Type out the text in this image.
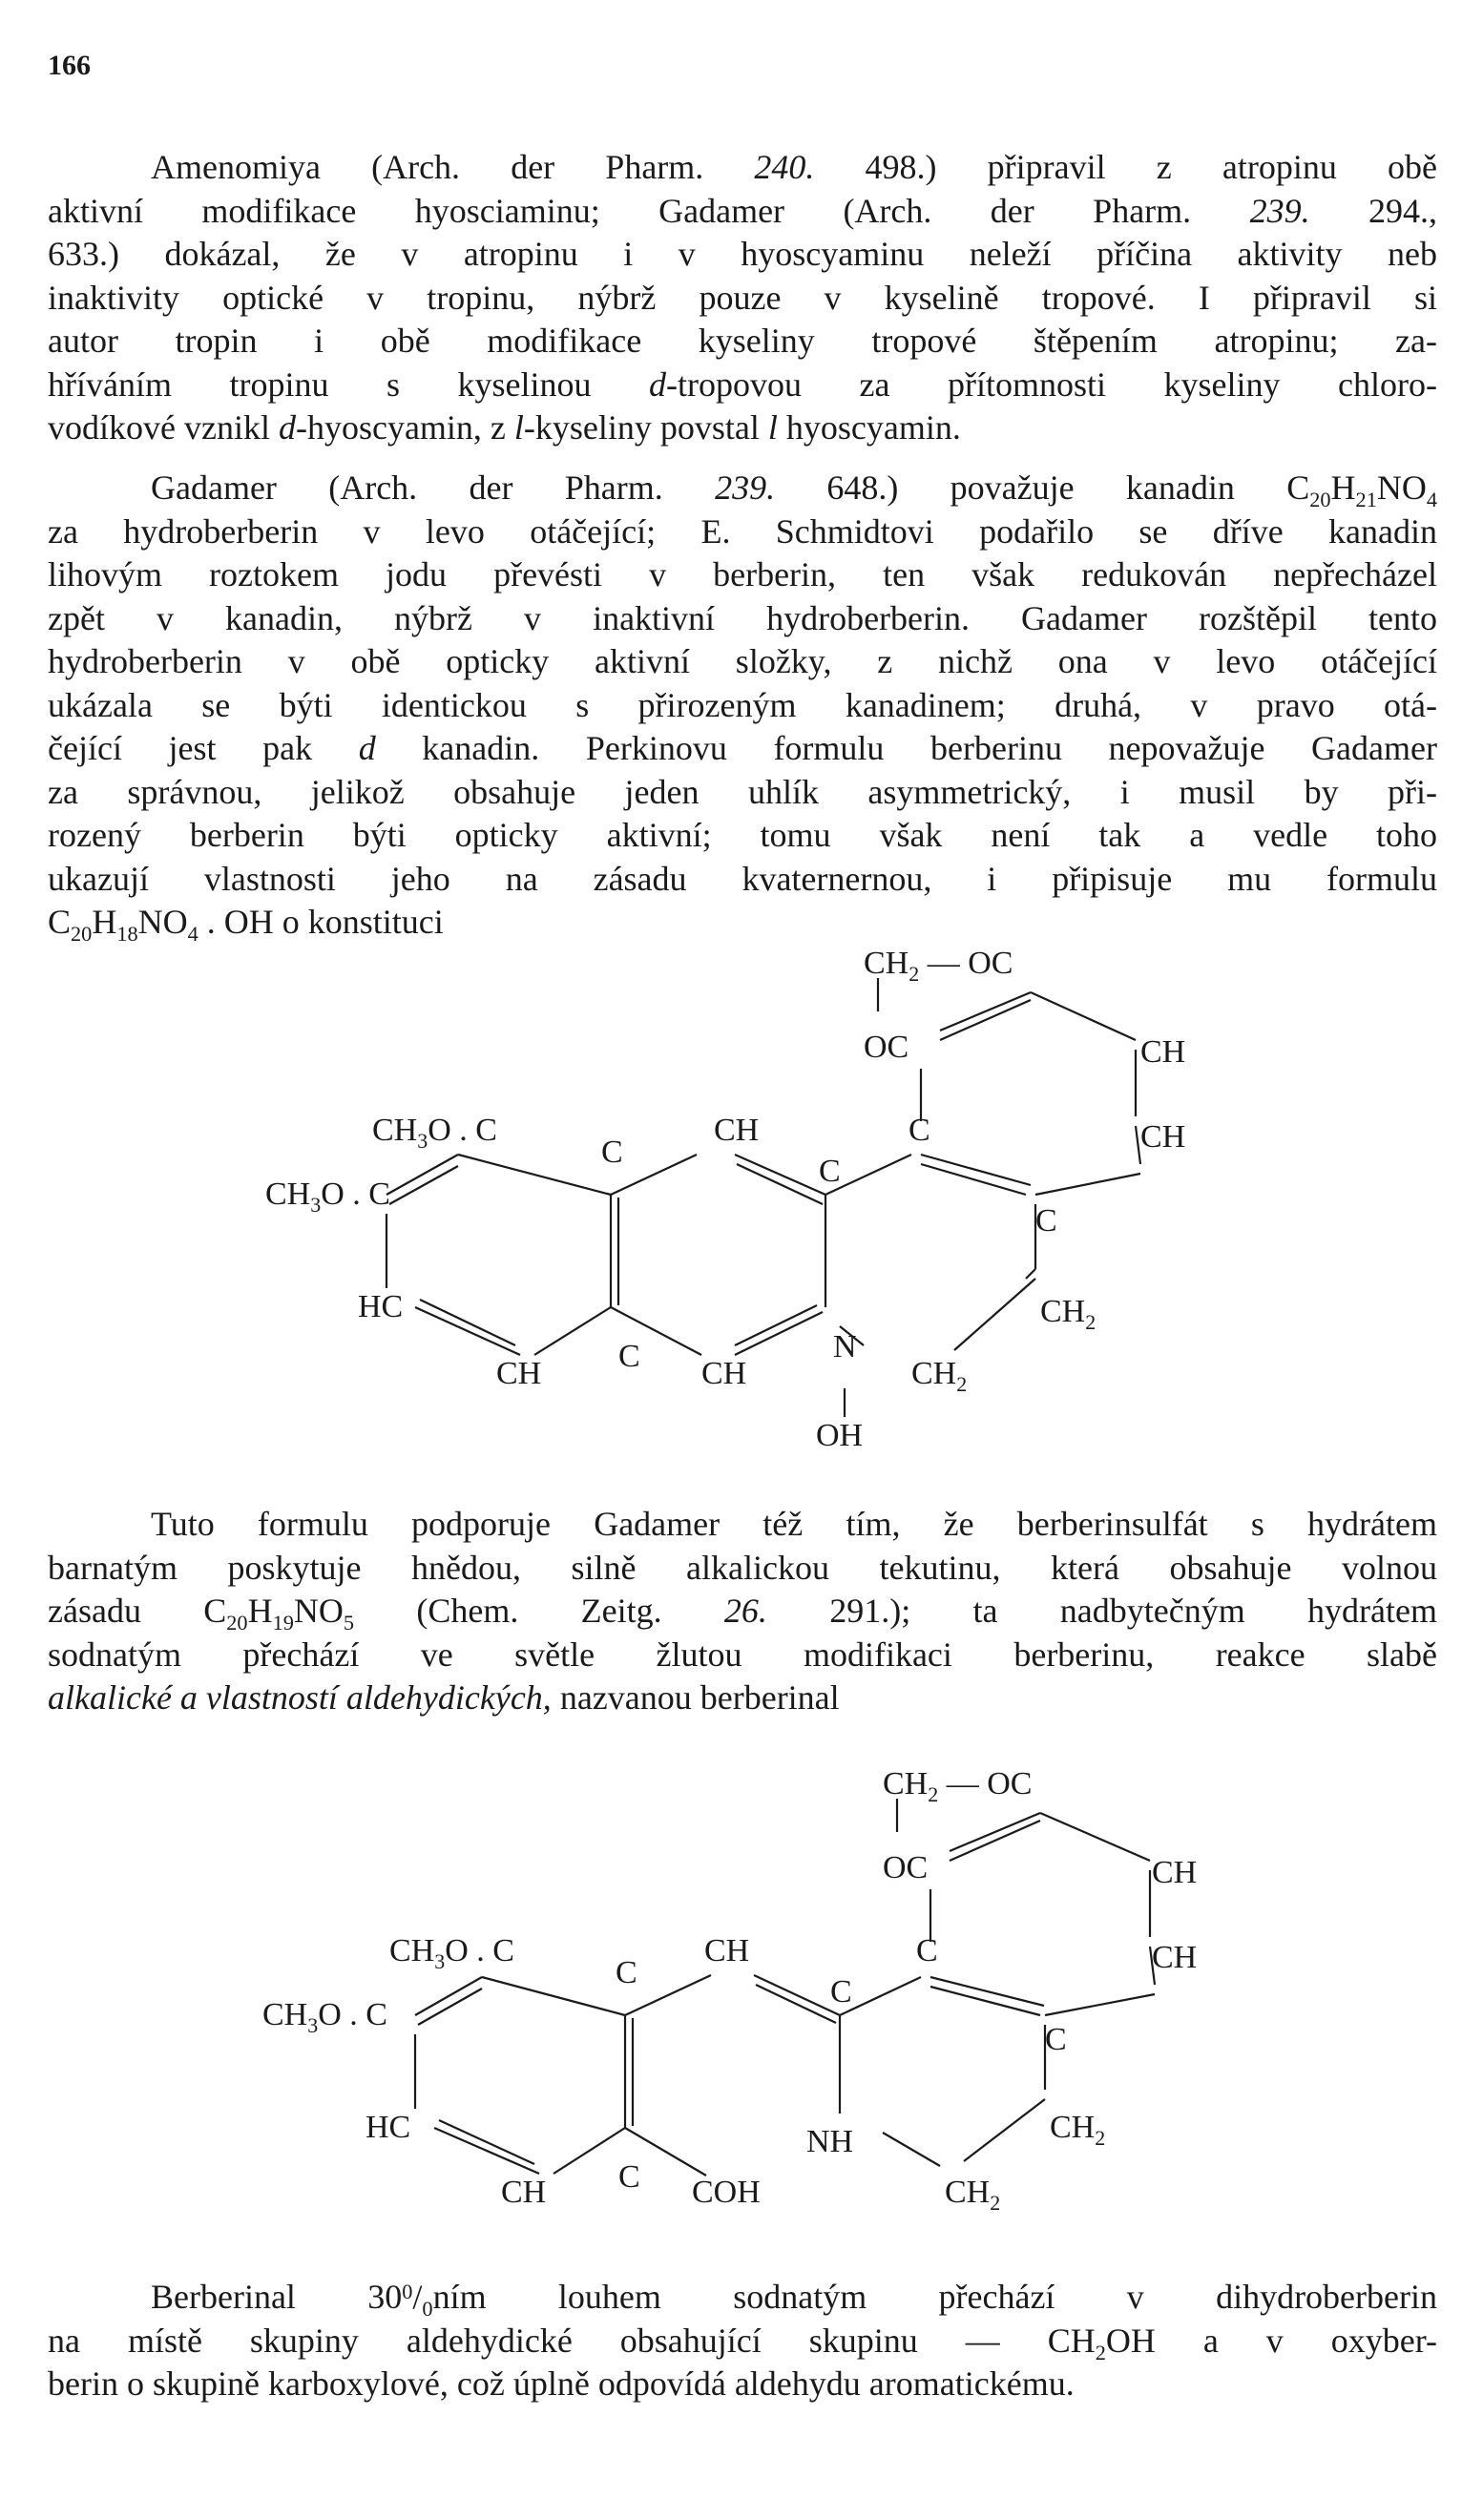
166

Amenomiya (Arch. der Pharm. 240. 498.) připravil z atropinu obě
aktivní modifikace hyosciaminu; Gadamer (Arch. der Pharm. 239. 294.,
633.) dokázal, že v atropinu i v hyoscyaminu neleží příčina aktivity neb
inaktivity optické v tropinu, nýbrž pouze v kyselině tropové. I připravil si
autor tropin i obě modifikace kyseliny tropové štěpením atropinu; za-
hříváním tropinu s kyselinou d-tropovou za přítomnosti kyseliny chloro-
vodíkové vznikl d-hyoscyamin, z l-kyseliny povstal l hyoscyamin.

Gadamer (Arch. der Pharm. 239. 648.) považuje kanadin $C_{20}H_{21}NO_4$
za hydroberberin v levo otáčející; E. Schmidtovi podařilo se dříve kanadin
lihovým roztokem jodu převésti v berberin, ten však redukován nepřecházel
zpět v kanadin, nýbrž v inaktivní hydroberberin. Gadamer rozštěpil tento
hydroberberin v obě opticky aktivní složky, z nichž ona v levo otáčející
ukázala se býti identickou s přirozeným kanadinem; druhá, v pravo otá-
čející jest pak d kanadin. Perkinovu formulu berberinu nepovažuje Gadamer
za správnou, jelikož obsahuje jeden uhlík asymmetrický, i musil by při-
rozený berberin býti opticky aktivní; tomu však není tak a vedle toho
ukazují vlastnosti jeho na zásadu kvaternernou, i připisuje mu formulu
$C_{20}H_{18}NO_4$ . OH o konstituci

$CH_2$ — OC
OC	CH
CH
$CH_3O$ . C
C
CH
C
C
$CH_3O$ . C
C
HC	$CH_2$
CH C CH
N
$CH_2$
OH

Tuto formulu podporuje Gadamer též tím, že berberinsulfát s hydrátem
barnatým poskytuje hnědou, silně alkalickou tekutinu, která obsahuje volnou
zásadu $C_{20}H_{19}NO_5$ (Chem. Zeitg. 26. 291.); ta nadbytečným hydrátem
sodnatým přechází ve světle žlutou modifikaci berberinu, reakce slabě
alkalické a vlastností aldehydických, nazvanou berberinal

$CH_2$ — OC
OC	CH
CH
$CH_3O$ . C
C
CH
C
C
$CH_3O$ . C
C
HC	NH	$CH_2$
CH C COH	$CH_2$

Berberinal $30^0/_0ním$ louhem sodnatým přechází v dihydroberberin
na místě skupiny aldehydické obsahující skupinu — $CH_2OH$ a v oxyber-
berin o skupině karboxylové, což úplně odpovídá aldehydu aromatickému.
